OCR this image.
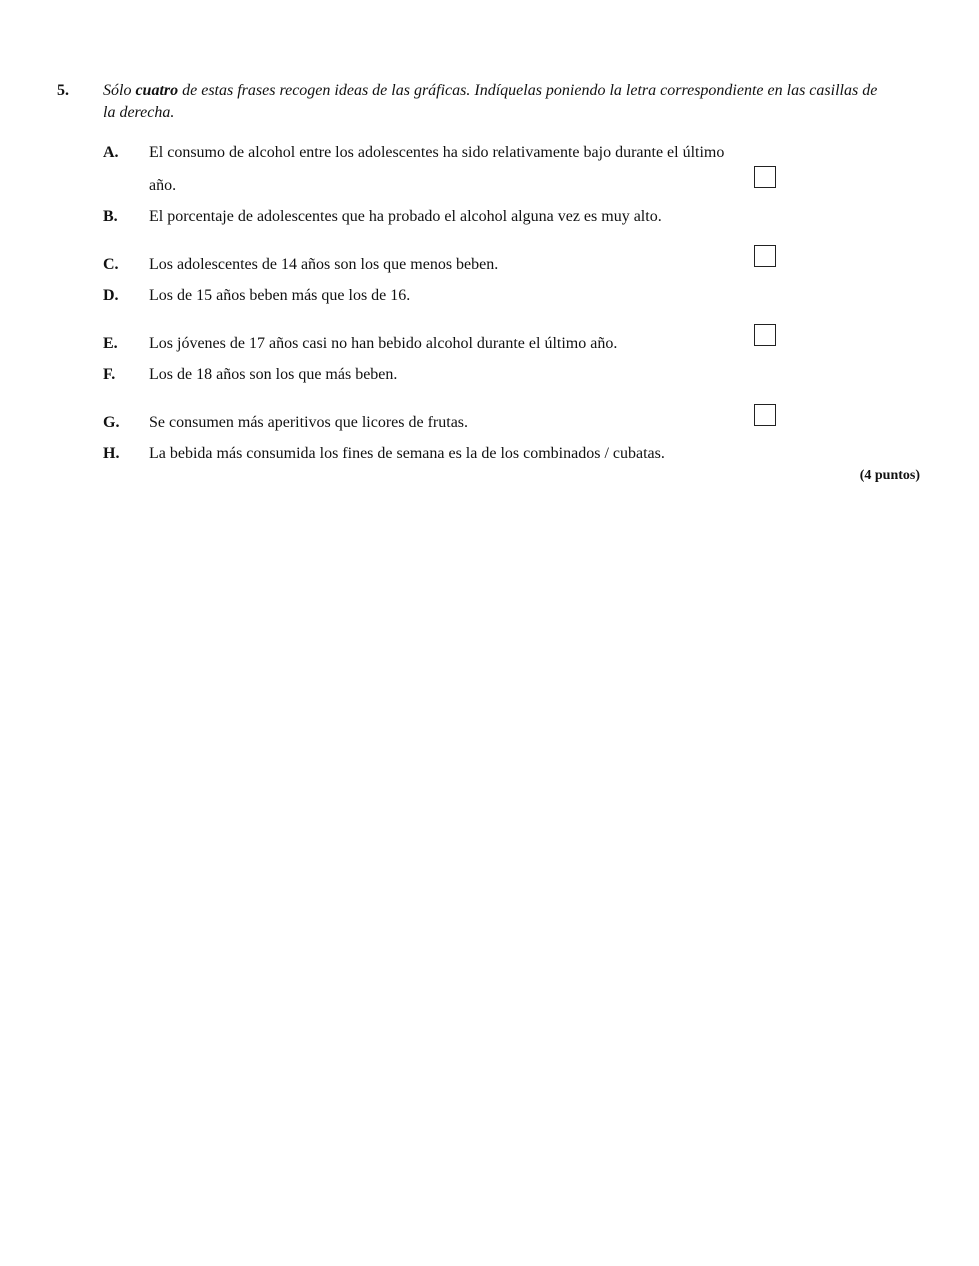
5. Sólo cuatro de estas frases recogen ideas de las gráficas. Indíquelas poniendo la letra correspondiente en las casillas de la derecha.
A. El consumo de alcohol entre los adolescentes ha sido relativamente bajo durante el último año.
B. El porcentaje de adolescentes que ha probado el alcohol alguna vez es muy alto.
C. Los adolescentes de 14 años son los que menos beben.
D. Los de 15 años beben más que los de 16.
E. Los jóvenes de 17 años casi no han bebido alcohol durante el último año.
F. Los de 18 años son los que más beben.
G. Se consumen más aperitivos que licores de frutas.
H. La bebida más consumida los fines de semana es la de los combinados / cubatas.
(4 puntos)
